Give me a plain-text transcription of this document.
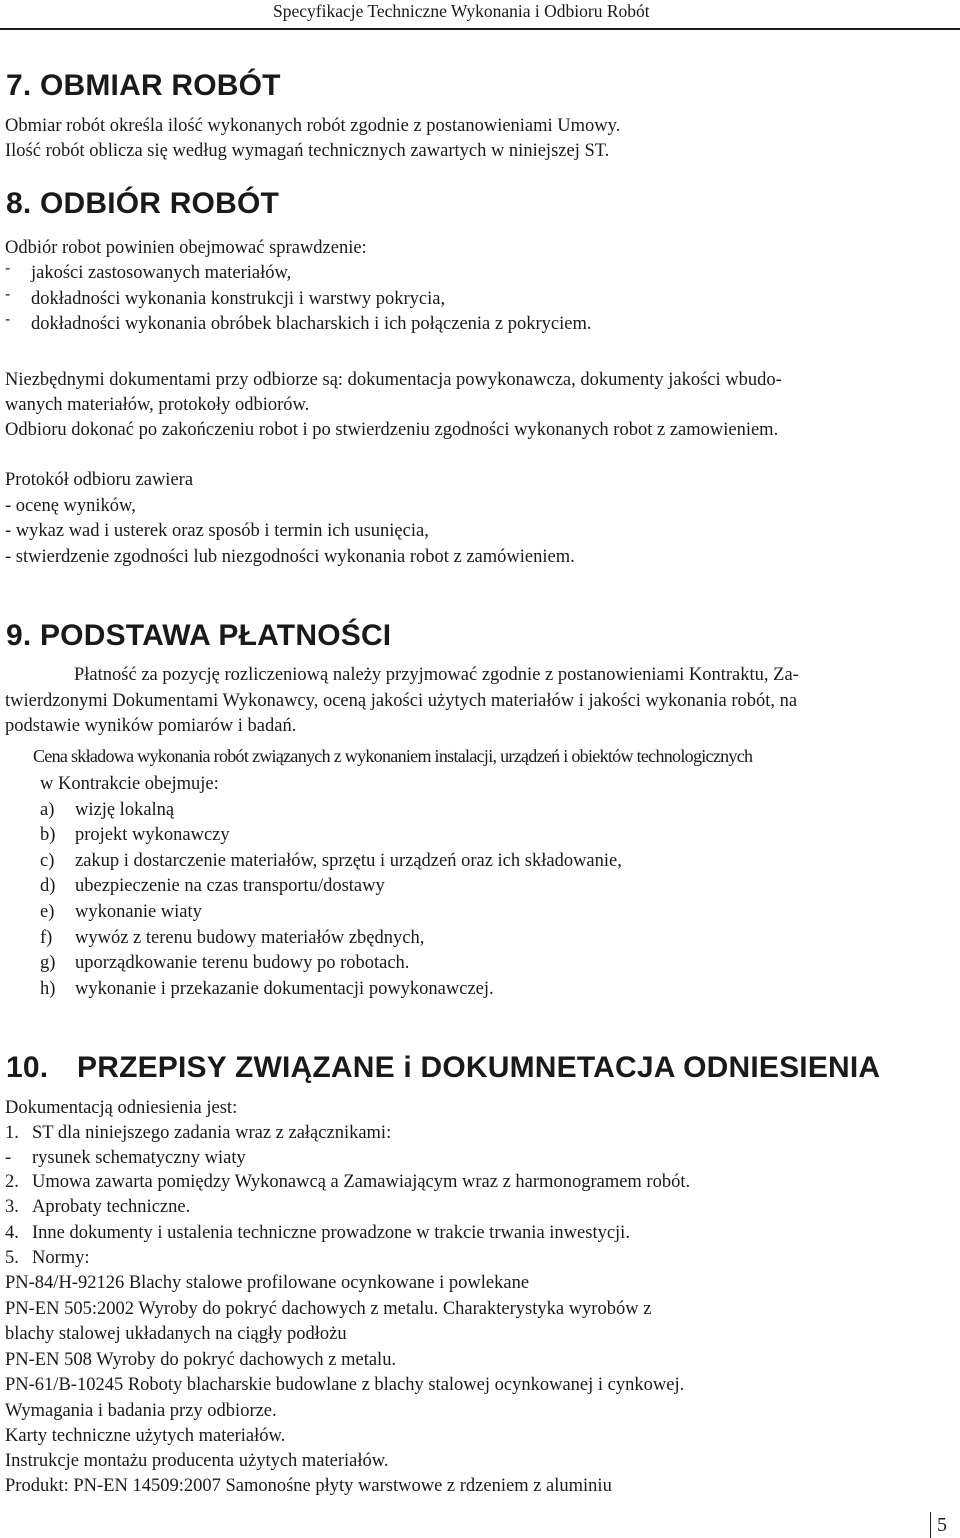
Specyfikacje Techniczne Wykonania i Odbioru Robót
7. OBMIAR ROBÓT
Obmiar robót określa ilość wykonanych robót zgodnie z postanowieniami Umowy.
Ilość robót oblicza się według wymagań technicznych zawartych w niniejszej ST.
8. ODBIÓR ROBÓT
Odbiór robot powinien obejmować sprawdzenie:
- jakości zastosowanych materiałów,
- dokładności wykonania konstrukcji i warstwy pokrycia,
- dokładności wykonania obróbek blacharskich i ich połączenia z pokryciem.
Niezbędnymi dokumentami przy odbiorze są: dokumentacja powykonawcza, dokumenty jakości wbudo-
wanych materiałów, protokoły odbiorów.
Odbioru dokonać po zakończeniu robot i po stwierdzeniu zgodności wykonanych robot z zamowieniem.
Protokół odbioru zawiera
- ocenę wyników,
- wykaz wad i usterek oraz sposób i termin ich usunięcia,
- stwierdzenie zgodności lub niezgodności wykonania robot z zamówieniem.
9. PODSTAWA PŁATNOŚCI
Płatność za pozycję rozliczeniową należy przyjmować zgodnie z postanowieniami Kontraktu, Za-
twierdzonymi Dokumentami Wykonawcy, oceną jakości użytych materiałów i jakości wykonania robót, na
podstawie wyników pomiarów i badań.
Cena składowa wykonania robót związanych z wykonaniem instalacji, urządzeń i obiektów technologicznych
w Kontrakcie obejmuje:
a) wizję lokalną
b) projekt wykonawczy
c) zakup i dostarczenie materiałów, sprzętu i urządzeń oraz ich składowanie,
d) ubezpieczenie na czas transportu/dostawy
e) wykonanie wiaty
f) wywóz z terenu budowy materiałów zbędnych,
g) uporządkowanie terenu budowy po robotach.
h) wykonanie i przekazanie dokumentacji powykonawczej.
10. PRZEPISY ZWIĄZANE i DOKUMNETACJA ODNIESIENIA
Dokumentacją odniesienia jest:
1. ST dla niniejszego zadania wraz z załącznikami:
- rysunek schematyczny wiaty
2. Umowa zawarta pomiędzy Wykonawcą a Zamawiającym wraz z harmonogramem robót.
3. Aprobaty techniczne.
4. Inne dokumenty i ustalenia techniczne prowadzone w trakcie trwania inwestycji.
5. Normy:
PN-84/H-92126 Blachy stalowe profilowane ocynkowane i powlekane
PN-EN 505:2002 Wyroby do pokryć dachowych z metalu. Charakterystyka wyrobów z
blachy stalowej układanych na ciągły podłożu
PN-EN 508 Wyroby do pokryć dachowych z metalu.
PN-61/B-10245 Roboty blacharskie budowlane z blachy stalowej ocynkowanej i cynkowej.
Wymagania i badania przy odbiorze.
Karty techniczne użytych materiałów.
Instrukcje montażu producenta użytych materiałów.
Produkt: PN-EN 14509:2007 Samonośne płyty warstwowe z rdzeniem z aluminiu
5
